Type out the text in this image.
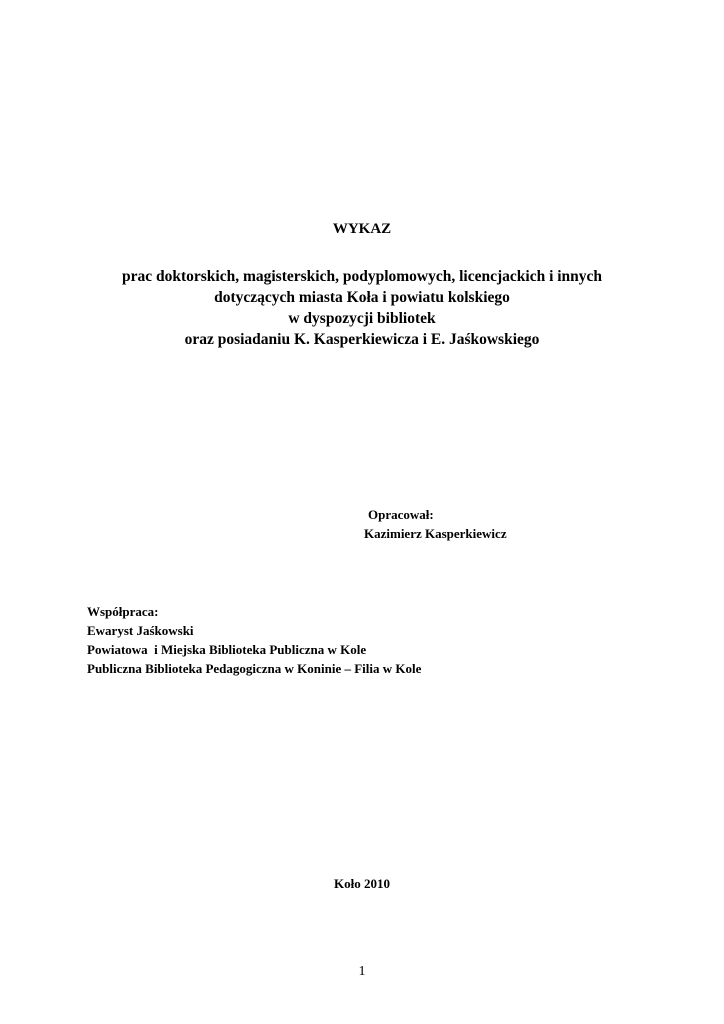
WYKAZ
prac doktorskich, magisterskich, podyplomowych, licencjackich i innych
dotyczących miasta Koła i powiatu kolskiego
w dyspozycji bibliotek
oraz posiadaniu K. Kasperkiewicza i E. Jaśkowskiego
Opracował:
Kazimierz Kasperkiewicz
Współpraca:
Ewaryst Jaśkowski
Powiatowa  i Miejska Biblioteka Publiczna w Kole
Publiczna Biblioteka Pedagogiczna w Koninie – Filia w Kole
Koło 2010
1
